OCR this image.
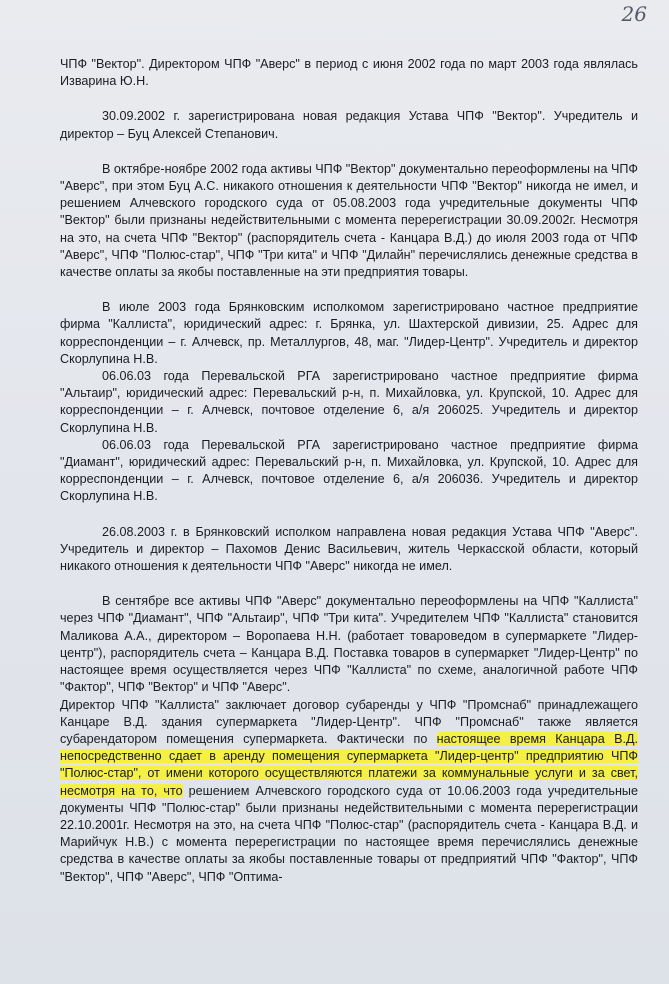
26

ЧПФ "Вектор". Директором ЧПФ "Аверс" в период с июня 2002 года по март 2003 года являлась Изварина Ю.Н.

30.09.2002 г. зарегистрирована новая редакция Устава ЧПФ "Вектор". Учредитель и директор – Буц Алексей Степанович.

В октябре-ноябре 2002 года активы ЧПФ "Вектор" документально переоформлены на ЧПФ "Аверс", при этом Буц А.С. никакого отношения к деятельности ЧПФ "Вектор" никогда не имел, и решением Алчевского городского суда от 05.08.2003 года учредительные документы ЧПФ "Вектор" были признаны недействительными с момента перерегистрации 30.09.2002г. Несмотря на это, на счета ЧПФ "Вектор" (распорядитель счета - Канцара В.Д.) до июля 2003 года от ЧПФ "Аверс", ЧПФ "Полюс-стар", ЧПФ "Три кита" и ЧПФ "Дилайн" перечислялись денежные средства в качестве оплаты за якобы поставленные на эти предприятия товары.

В июле 2003 года Брянковским исполкомом зарегистрировано частное предприятие фирма "Каллиста", юридический адрес: г. Брянка, ул. Шахтерской дивизии, 25. Адрес для корреспонденции – г. Алчевск, пр. Металлургов, 48, маг. "Лидер-Центр". Учредитель и директор Скорлупина Н.В.

06.06.03 года Перевальской РГА зарегистрировано частное предприятие фирма "Альтаир", юридический адрес: Перевальский р-н, п. Михайловка, ул. Крупской, 10. Адрес для корреспонденции – г. Алчевск, почтовое отделение 6, а/я 206025. Учредитель и директор Скорлупина Н.В.

06.06.03 года Перевальской РГА зарегистрировано частное предприятие фирма "Диамант", юридический адрес: Перевальский р-н, п. Михайловка, ул. Крупской, 10. Адрес для корреспонденции – г. Алчевск, почтовое отделение 6, а/я 206036. Учредитель и директор Скорлупина Н.В.

26.08.2003 г. в Брянковский исполком направлена новая редакция Устава ЧПФ "Аверс". Учредитель и директор – Пахомов Денис Васильевич, житель Черкасской области, который никакого отношения к деятельности ЧПФ "Аверс" никогда не имел.

В сентябре все активы ЧПФ "Аверс" документально переоформлены на ЧПФ "Каллиста" через ЧПФ "Диамант", ЧПФ "Альтаир", ЧПФ "Три кита". Учредителем ЧПФ "Каллиста" становится Маликова А.А., директором – Воропаева Н.Н. (работает товароведом в супермаркете "Лидер-центр"), распорядитель счета – Канцара В.Д. Поставка товаров в супермаркет "Лидер-Центр" по настоящее время осуществляется через ЧПФ "Каллиста" по схеме, аналогичной работе ЧПФ "Фактор", ЧПФ "Вектор" и ЧПФ "Аверс".

Директор ЧПФ "Каллиста" заключает договор субаренды у ЧПФ "Промснаб" принадлежащего Канцаре В.Д. здания супермаркета "Лидер-Центр". ЧПФ "Промснаб" также является субарендатором помещения супермаркета. Фактически по настоящее время Канцара В.Д. непосредственно сдает в аренду помещения супермаркета "Лидер-центр" предприятию ЧПФ "Полюс-стар", от имени которого осуществляются платежи за коммунальные услуги и за свет, несмотря на то, что решением Алчевского городского суда от 10.06.2003 года учредительные документы ЧПФ "Полюс-стар" были признаны недействительными с момента перерегистрации 22.10.2001г. Несмотря на это, на счета ЧПФ "Полюс-стар" (распорядитель счета - Канцара В.Д. и Марийчук Н.В.) с момента перерегистрации по настоящее время перечислялись денежные средства в качестве оплаты за якобы поставленные товары от предприятий ЧПФ "Фактор", ЧПФ "Вектор", ЧПФ "Аверс", ЧПФ "Оптима-
